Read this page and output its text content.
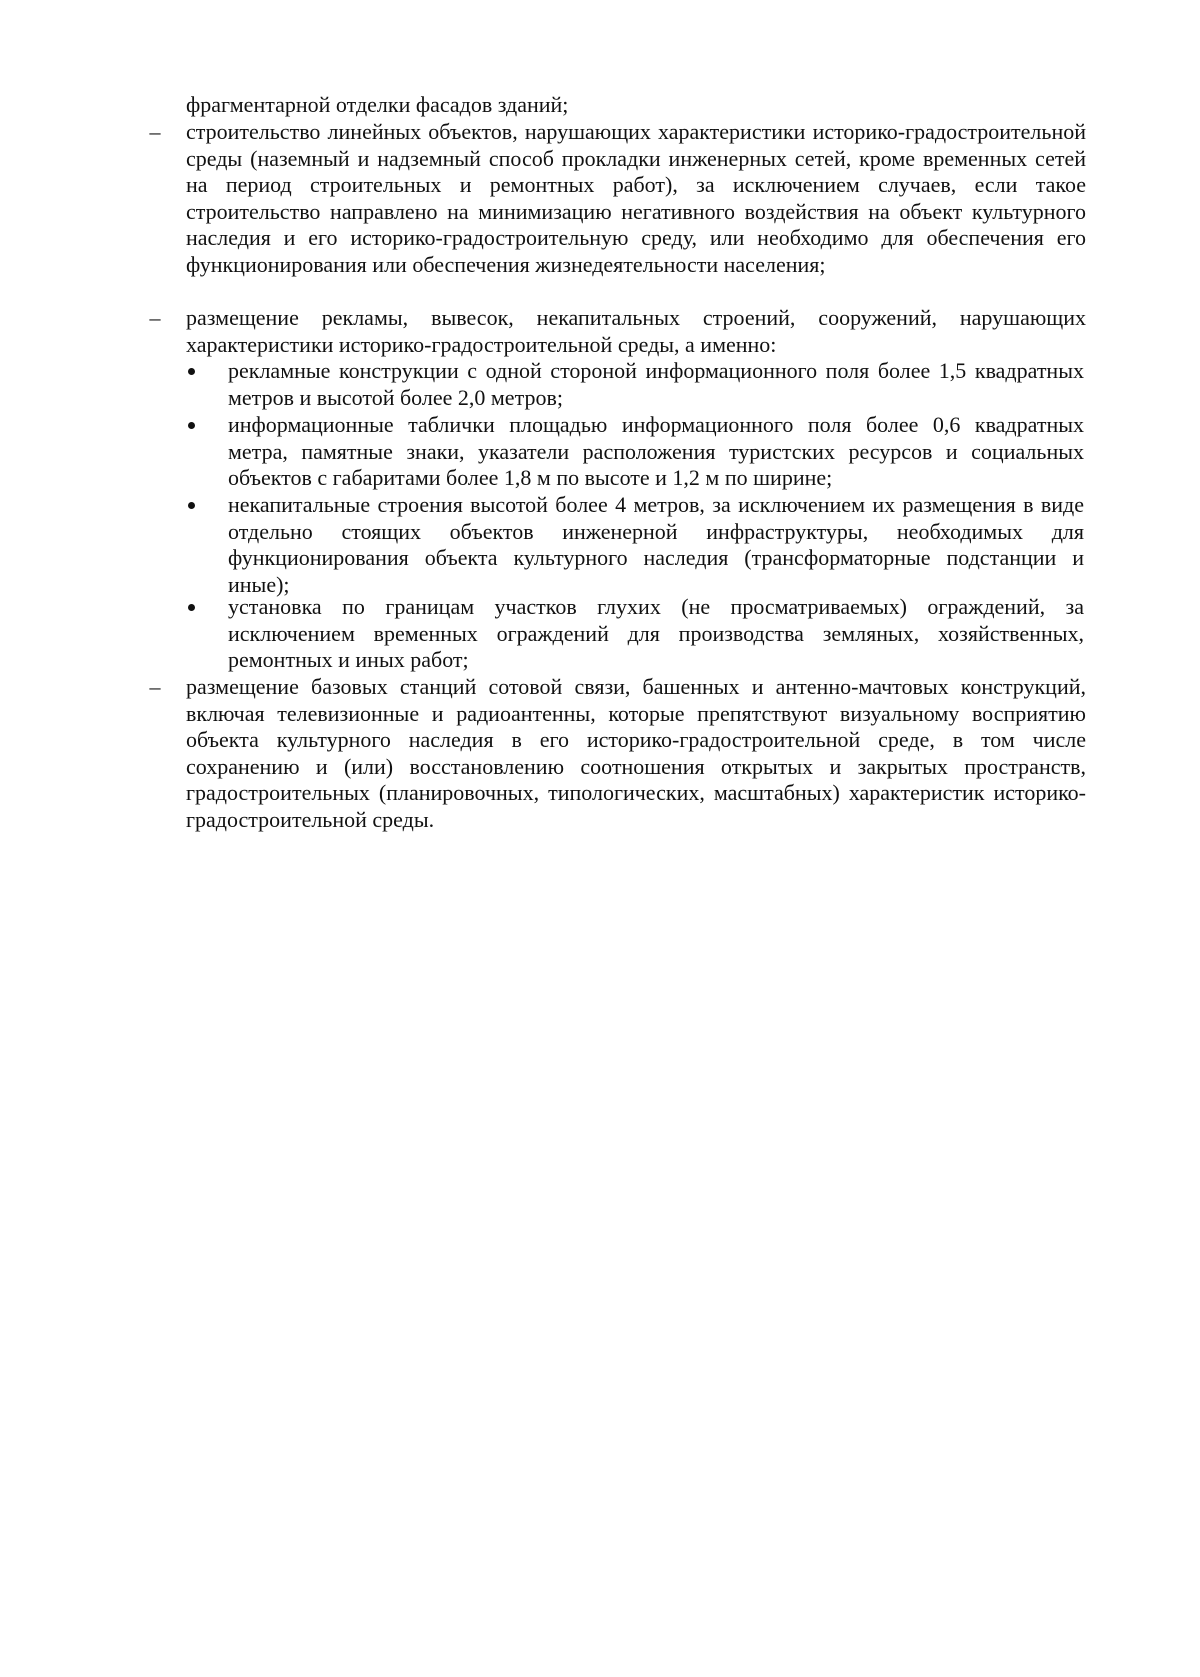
фрагментарной отделки фасадов зданий;
– строительство линейных объектов, нарушающих характеристики историко-градостроительной среды (наземный и надземный способ прокладки инженерных сетей, кроме временных сетей на период строительных и ремонтных работ), за исключением случаев, если такое строительство направлено на минимизацию негативного воздействия на объект культурного наследия и его историко-градостроительную среду, или необходимо для обеспечения его функционирования или обеспечения жизнедеятельности населения;
– размещение рекламы, вывесок, некапитальных строений, сооружений, нарушающих характеристики историко-градостроительной среды, а именно:
рекламные конструкции с одной стороной информационного поля более 1,5 квадратных метров и высотой более 2,0 метров;
информационные таблички площадью информационного поля более 0,6 квадратных метра, памятные знаки, указатели расположения туристских ресурсов и социальных объектов с габаритами более 1,8 м по высоте и 1,2 м по ширине;
некапитальные строения высотой более 4 метров, за исключением их размещения в виде отдельно стоящих объектов инженерной инфраструктуры, необходимых для функционирования объекта культурного наследия (трансформаторные подстанции и иные);
установка по границам участков глухих (не просматриваемых) ограждений, за исключением временных ограждений для производства земляных, хозяйственных, ремонтных и иных работ;
– размещение базовых станций сотовой связи, башенных и антенно-мачтовых конструкций, включая телевизионные и радиоантенны, которые препятствуют визуальному восприятию объекта культурного наследия в его историко-градостроительной среде, в том числе сохранению и (или) восстановлению соотношения открытых и закрытых пространств, градостроительных (планировочных, типологических, масштабных) характеристик историко-градостроительной среды.
